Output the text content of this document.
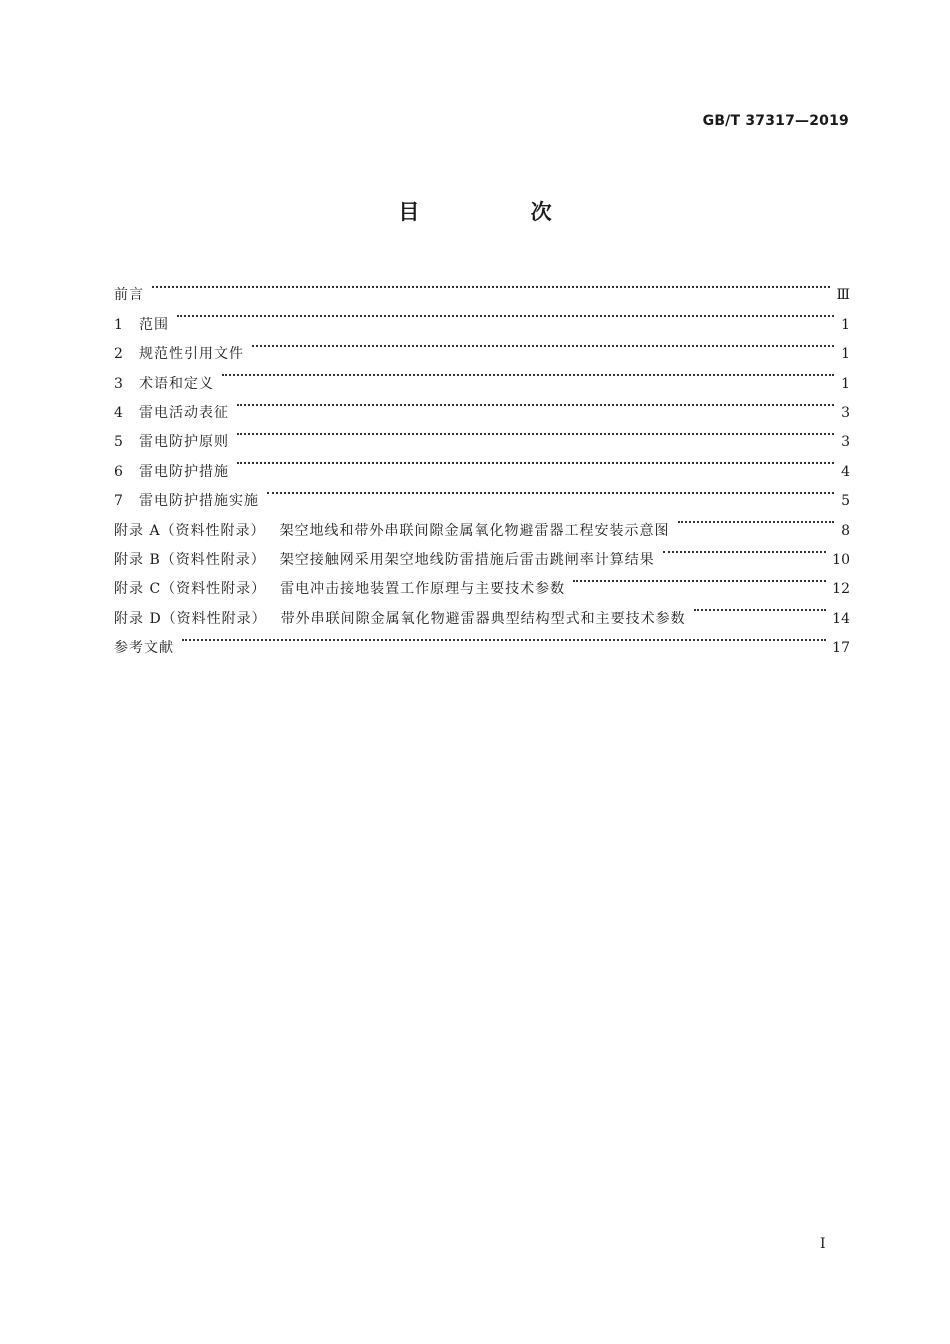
GB/T 37317—2019
目 次
前言	Ⅲ
1	范围	1
2	规范性引用文件	1
3	术语和定义	1
4	雷电活动表征	3
5	雷电防护原则	3
6	雷电防护措施	4
7	雷电防护措施实施	5
附录 A（资料性附录） 架空地线和带外串联间隙金属氧化物避雷器工程安装示意图	8
附录 B（资料性附录） 架空接触网采用架空地线防雷措施后雷击跳闸率计算结果	10
附录 C（资料性附录） 雷电冲击接地装置工作原理与主要技术参数	12
附录 D（资料性附录） 带外串联间隙金属氧化物避雷器典型结构型式和主要技术参数	14
参考文献	17
I
